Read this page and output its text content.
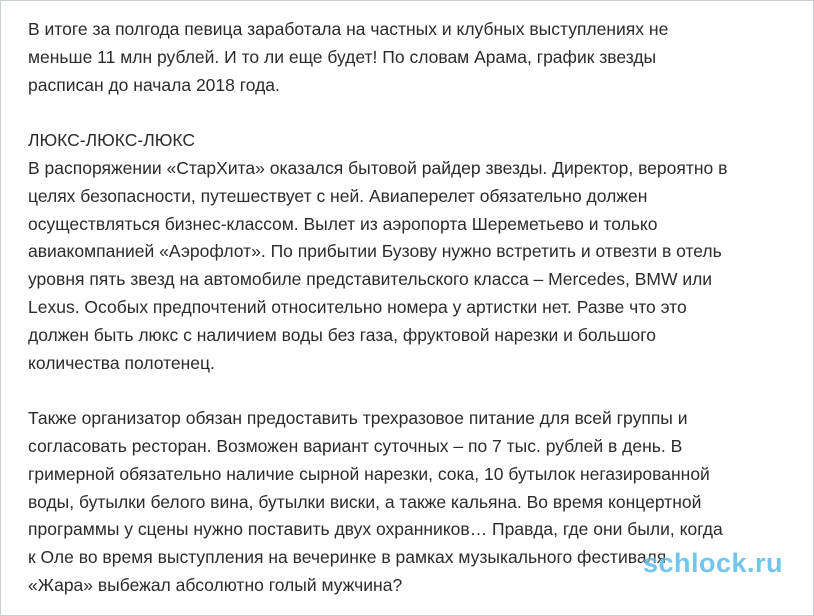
В итоге за полгода певица заработала на частных и клубных выступлениях не
меньше 11 млн рублей. И то ли еще будет! По словам Арама, график звезды
расписан до начала 2018 года.

ЛЮКС-ЛЮКС-ЛЮКС

В распоряжении «СтарХита» оказался бытовой райдер звезды. Директор, вероятно в
целях безопасности, путешествует с ней. Авиаперелет обязательно должен
осуществляться бизнес-классом. Вылет из аэропорта Шереметьево и только
авиакомпанией «Аэрофлот». По прибытии Бузову нужно встретить и отвезти в отель
уровня пять звезд на автомобиле представительского класса – Mercedes, BMW или
Lexus. Особых предпочтений относительно номера у артистки нет. Разве что это
должен быть люкс с наличием воды без газа, фруктовой нарезки и большого
количества полотенец.

Также организатор обязан предоставить трехразовое питание для всей группы и
согласовать ресторан. Возможен вариант суточных – по 7 тыс. рублей в день. В
гримерной обязательно наличие сырной нарезки, сока, 10 бутылок негазированной
воды, бутылки белого вина, бутылки виски, а также кальяна. Во время концертной
программы у сцены нужно поставить двух охранников… Правда, где они были, когда
к Оле во время выступления на вечеринке в рамках музыкального фестиваля
«Жара» выбежал абсолютно голый мужчина?

schlock.ru
